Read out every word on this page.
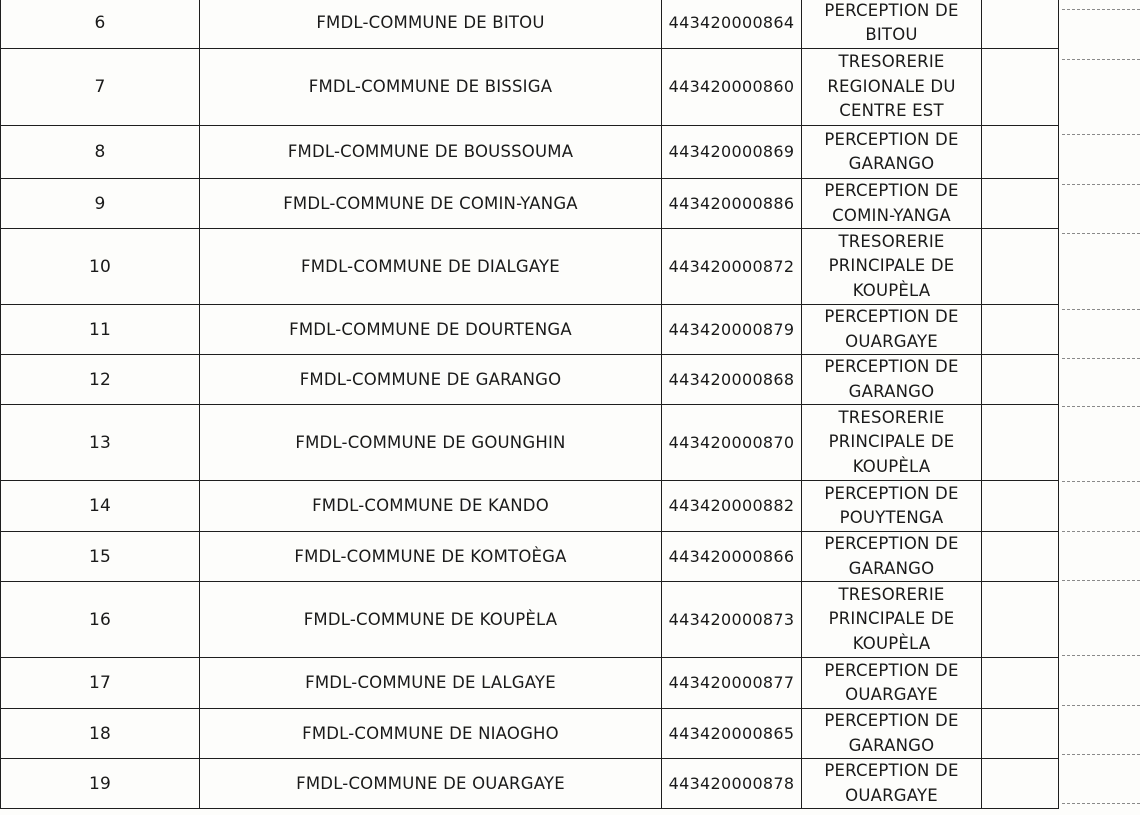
6	FMDL-COMMUNE DE BITOU	443420000864	PERCEPTION DE BITOU	
7	FMDL-COMMUNE DE BISSIGA	443420000860	TRESORERIE REGIONALE DU CENTRE EST	
8	FMDL-COMMUNE DE BOUSSOUMA	443420000869	PERCEPTION DE GARANGO	
9	FMDL-COMMUNE DE COMIN-YANGA	443420000886	PERCEPTION DE COMIN-YANGA	
10	FMDL-COMMUNE DE DIALGAYE	443420000872	TRESORERIE PRINCIPALE DE KOUPÈLA	
11	FMDL-COMMUNE DE DOURTENGA	443420000879	PERCEPTION DE OUARGAYE	
12	FMDL-COMMUNE DE GARANGO	443420000868	PERCEPTION DE GARANGO	
13	FMDL-COMMUNE DE GOUNGHIN	443420000870	TRESORERIE PRINCIPALE DE KOUPÈLA	
14	FMDL-COMMUNE DE KANDO	443420000882	PERCEPTION DE POUYTENGA	
15	FMDL-COMMUNE DE KOMTOÈGA	443420000866	PERCEPTION DE GARANGO	
16	FMDL-COMMUNE DE KOUPÈLA	443420000873	TRESORERIE PRINCIPALE DE KOUPÈLA	
17	FMDL-COMMUNE DE LALGAYE	443420000877	PERCEPTION DE OUARGAYE	
18	FMDL-COMMUNE DE NIAOGHO	443420000865	PERCEPTION DE GARANGO	
19	FMDL-COMMUNE DE OUARGAYE	443420000878	PERCEPTION DE OUARGAYE	
